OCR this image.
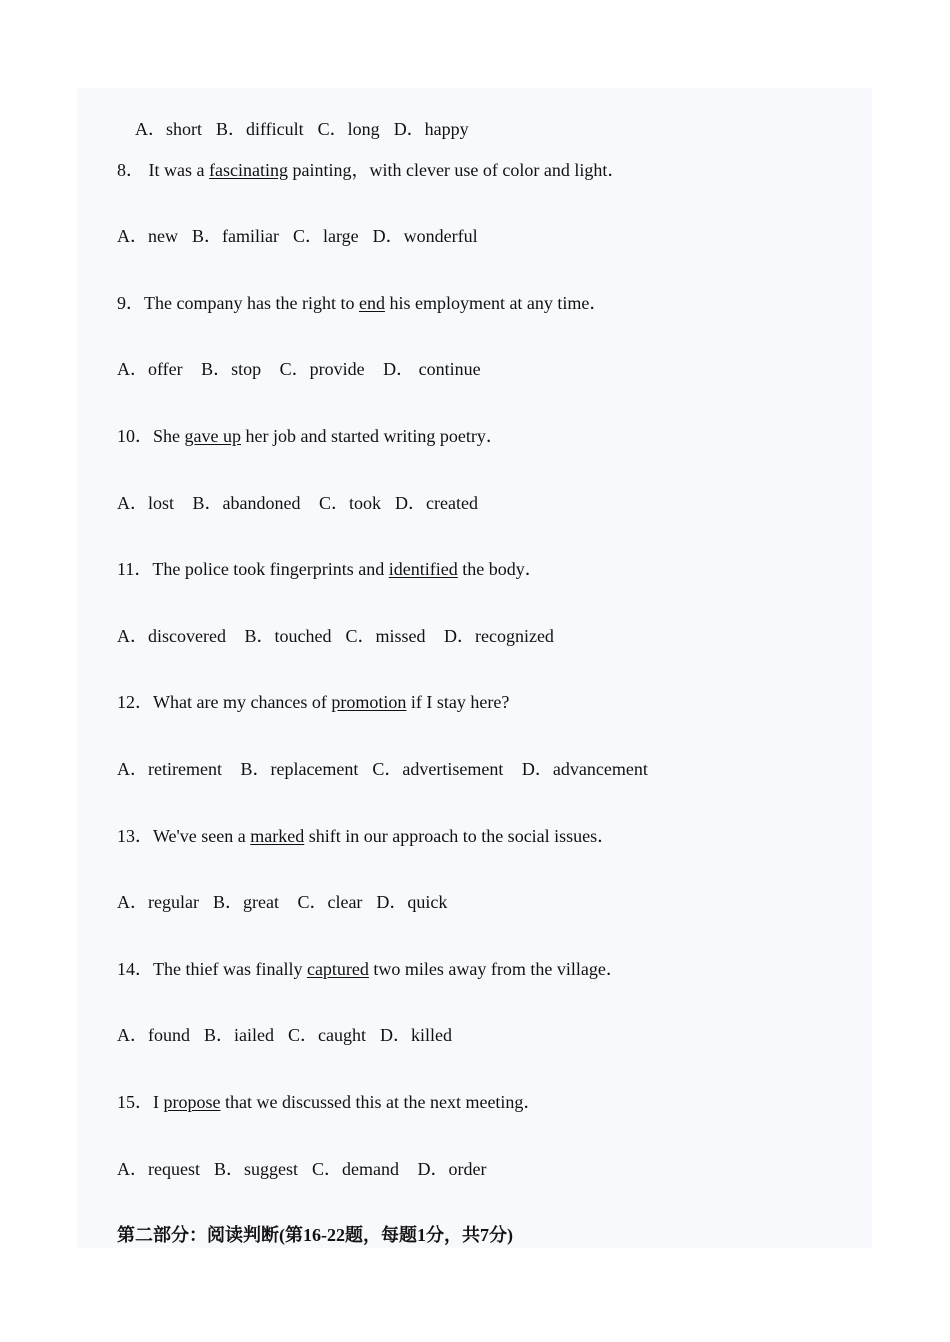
A．short B．difficult C．long D．happy

8． It was a fascinating painting，with clever use of color and light．
A．new B．familiar C．large D．wonderful
9．The company has the right to end his employment at any time．
A．offer B．stop C．provide D． continue
10．She gave up her job and started writing poetry．
A．lost B．abandoned C．took D．created
11．The police took fingerprints and identified the body．
A．discovered B．touched C．missed D．recognized
12．What are my chances of promotion if I stay here?
A．retirement B．replacement C．advertisement D．advancement
13．We've seen a marked shift in our approach to the social issues．
A．regular B．great C．clear D．quick
14．The thief was finally captured two miles away from the village．
A．found B．iailed C．caught D．killed
15．I propose that we discussed this at the next meeting．
A．request B．suggest C．demand D．order
第二部分：阅读判断(第16-22题，每题1分，共7分)
